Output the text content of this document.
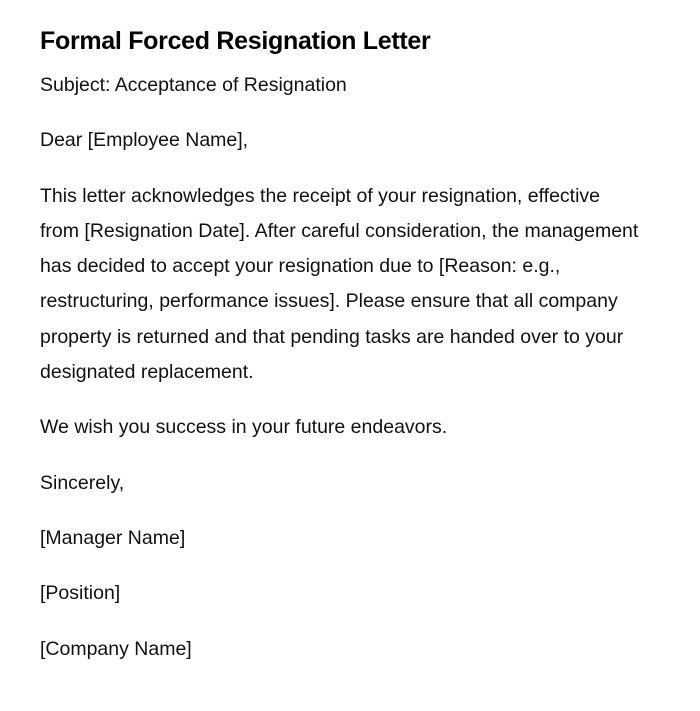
Formal Forced Resignation Letter

Subject: Acceptance of Resignation

Dear [Employee Name],

This letter acknowledges the receipt of your resignation, effective from [Resignation Date]. After careful consideration, the management has decided to accept your resignation due to [Reason: e.g., restructuring, performance issues]. Please ensure that all company property is returned and that pending tasks are handed over to your designated replacement.

We wish you success in your future endeavors.

Sincerely,

[Manager Name]

[Position]

[Company Name]
